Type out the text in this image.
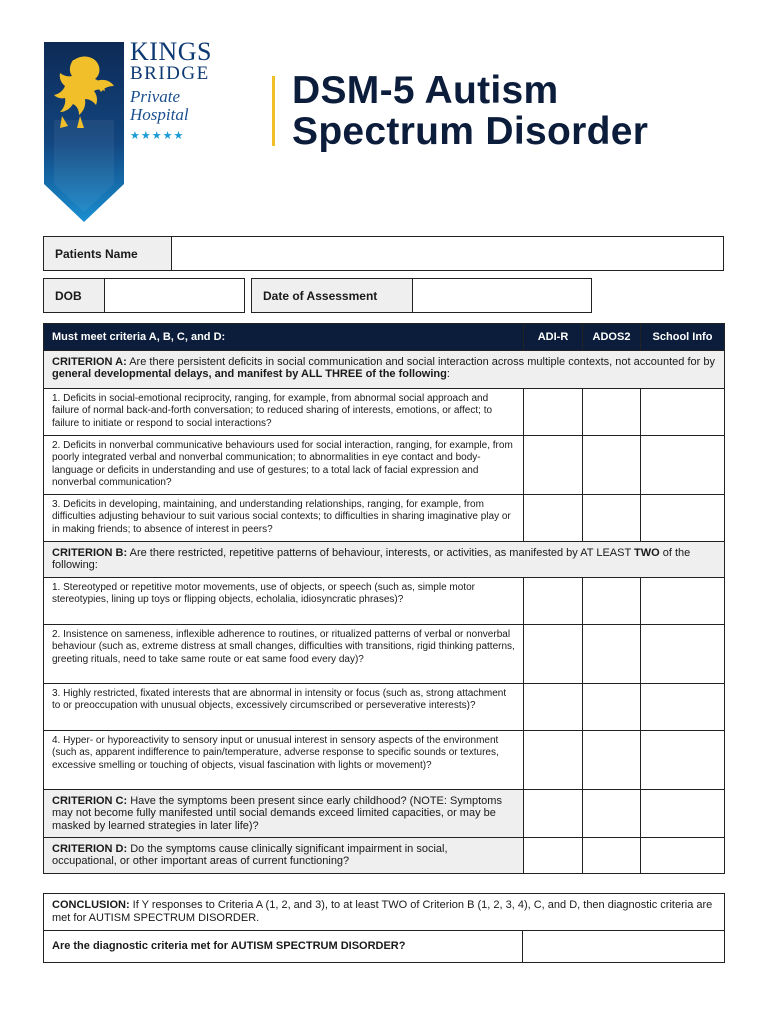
KINGS
BRIDGE
Private
Hospital
★★★★★
DSM-5 Autism
Spectrum Disorder
Patients Name
DOB	Date of Assessment
Must meet criteria A, B, C, and D:	ADI-R	ADOS2	School Info
CRITERION A: Are there persistent deficits in social communication and social interaction across multiple contexts, not accounted for by general developmental delays, and manifest by ALL THREE of the following:			
1. Deficits in social-emotional reciprocity, ranging, for example, from abnormal social approach and failure of normal back-and-forth conversation; to reduced sharing of interests, emotions, or affect; to failure to initiate or respond to social interactions?			
2. Deficits in nonverbal communicative behaviours used for social interaction, ranging, for example, from poorly integrated verbal and nonverbal communication; to abnormalities in eye contact and body-language or deficits in understanding and use of gestures; to a total lack of facial expression and nonverbal communication?			
3. Deficits in developing, maintaining, and understanding relationships, ranging, for example, from difficulties adjusting behaviour to suit various social contexts; to difficulties in sharing imaginative play or in making friends; to absence of interest in peers?			
CRITERION B: Are there restricted, repetitive patterns of behaviour, interests, or activities, as manifested by AT LEAST TWO of the following:			
1. Stereotyped or repetitive motor movements, use of objects, or speech (such as, simple motor stereotypies, lining up toys or flipping objects, echolalia, idiosyncratic phrases)?			
2. Insistence on sameness, inflexible adherence to routines, or ritualized patterns of verbal or nonverbal behaviour (such as, extreme distress at small changes, difficulties with transitions, rigid thinking patterns, greeting rituals, need to take same route or eat same food every day)?			
3. Highly restricted, fixated interests that are abnormal in intensity or focus (such as, strong attachment to or preoccupation with unusual objects, excessively circumscribed or perseverative interests)?			
4. Hyper- or hyporeactivity to sensory input or unusual interest in sensory aspects of the environment (such as, apparent indifference to pain/temperature, adverse response to specific sounds or textures, excessive smelling or touching of objects, visual fascination with lights or movement)?			
CRITERION C: Have the symptoms been present since early childhood? (NOTE: Symptoms may not become fully manifested until social demands exceed limited capacities, or may be masked by learned strategies in later life)?			
CRITERION D: Do the symptoms cause clinically significant impairment in social, occupational, or other important areas of current functioning?			
CONCLUSION: If Y responses to Criteria A (1, 2, and 3), to at least TWO of Criterion B (1, 2, 3, 4), C, and D, then diagnostic criteria are met for AUTISM SPECTRUM DISORDER.
Are the diagnostic criteria met for AUTISM SPECTRUM DISORDER?	
